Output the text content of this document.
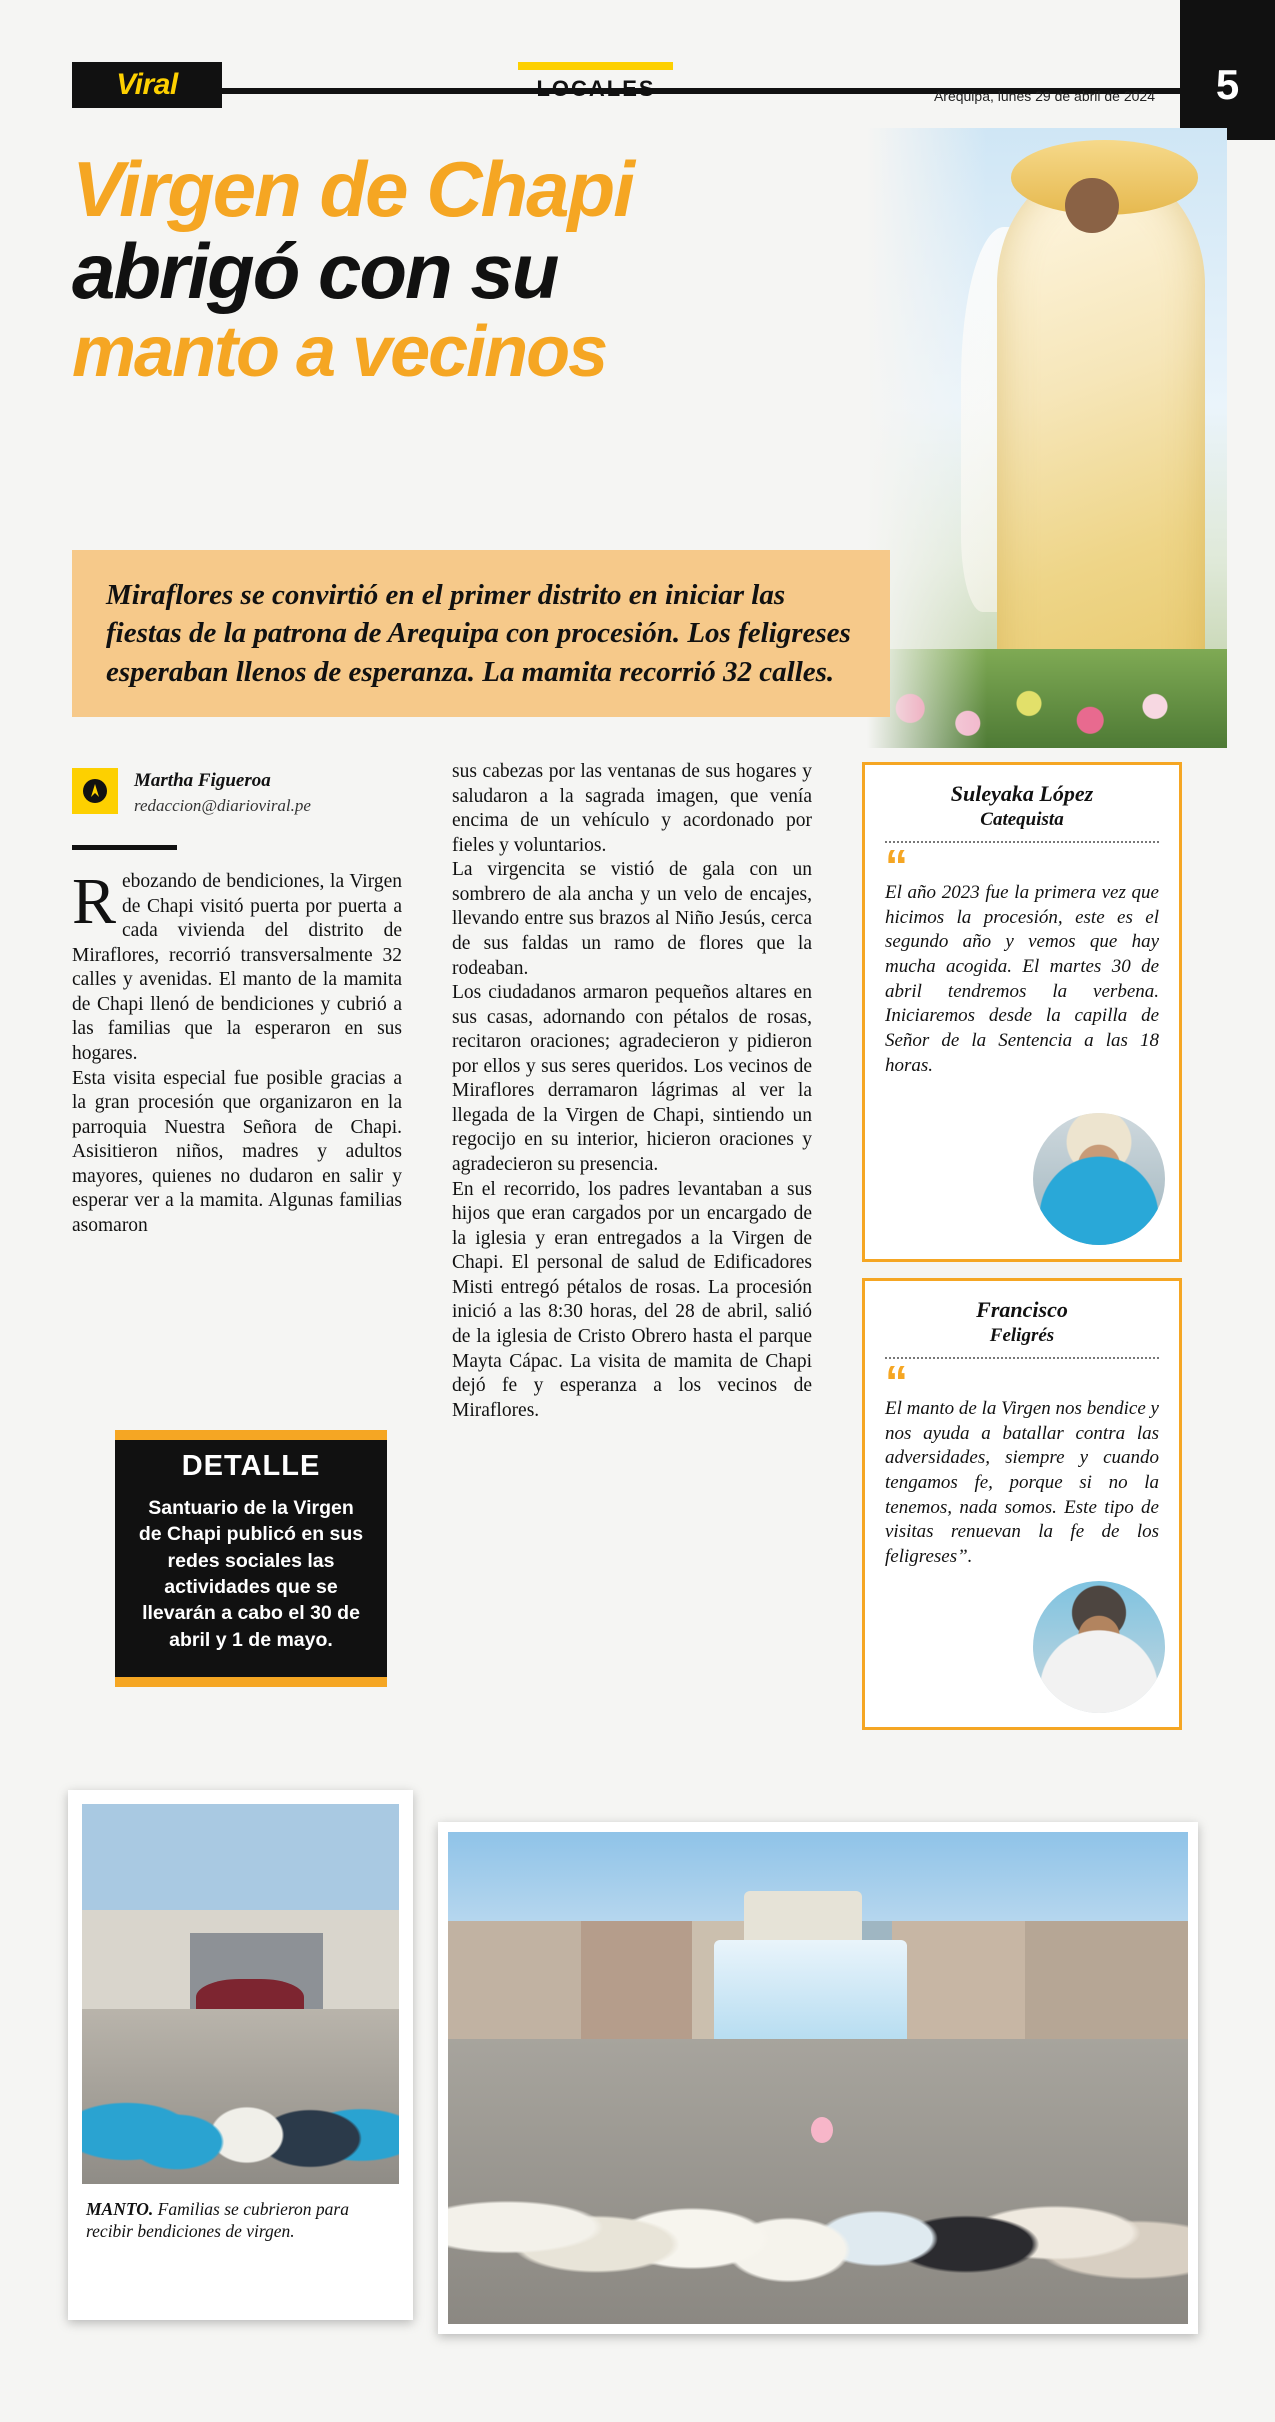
Viral	LOCALES	Arequipa, lunes 29 de abril de 2024	5
Virgen de Chapi
abrigó con su
manto a vecinos
Miraflores se convirtió en el primer distrito en iniciar las fiestas de la patrona de Arequipa con procesión. Los feligreses esperaban llenos de esperanza. La mamita recorrió 32 calles.
Martha Figueroa
redaccion@diarioviral.pe

Rebozando de bendiciones, la Virgen de Chapi visitó puerta por puerta a cada vivienda del distrito de Miraflores, recorrió transversalmente 32 calles y avenidas. El manto de la mamita de Chapi llenó de bendiciones y cubrió a las familias que la esperaron en sus hogares.

Esta visita especial fue posible gracias a la gran procesión que organizaron en la parroquia Nuestra Señora de Chapi. Asisitieron niños, madres y adultos mayores, quienes no dudaron en salir y esperar ver a la mamita. Algunas familias asomaron

sus cabezas por las ventanas de sus hogares y saludaron a la sagrada imagen, que venía encima de un vehículo y acordonado por fieles y voluntarios.

La virgencita se vistió de gala con un sombrero de ala ancha y un velo de encajes, llevando entre sus brazos al Niño Jesús, cerca de sus faldas un ramo de flores que la rodeaban.

Los ciudadanos armaron pequeños altares en sus casas, adornando con pétalos de rosas, recitaron oraciones; agradecieron y pidieron por ellos y sus seres queridos. Los vecinos de Miraflores derramaron lágrimas al ver la llegada de la Virgen de Chapi, sintiendo un regocijo en su interior, hicieron oraciones y agradecieron su presencia.

En el recorrido, los padres levantaban a sus hijos que eran cargados por un encargado de la iglesia y eran entregados a la Virgen de Chapi. El personal de salud de Edificadores Misti entregó pétalos de rosas. La procesión inició a las 8:30 horas, del 28 de abril, salió de la iglesia de Cristo Obrero hasta el parque Mayta Cápac. La visita de mamita de Chapi dejó fe y esperanza a los vecinos de Miraflores.

DETALLE
Santuario de la Virgen de Chapi publicó en sus redes sociales las actividades que se llevarán a cabo el 30 de abril y 1 de mayo.
Suleyaka López
Catequista
“
El año 2023 fue la primera vez que hicimos la procesión, este es el segundo año y vemos que hay mucha acogida. El martes 30 de abril tendremos la verbena. Iniciaremos desde la capilla de Señor de la Sentencia a las 18 horas.
Francisco
Feligrés
“
El manto de la Virgen nos bendice y nos ayuda a batallar contra las adversidades, siempre y cuando tengamos fe, porque si no la tenemos, nada somos. Este tipo de visitas renuevan la fe de los feligreses”.
MANTO. Familias se cubrieron para recibir bendiciones de virgen.
